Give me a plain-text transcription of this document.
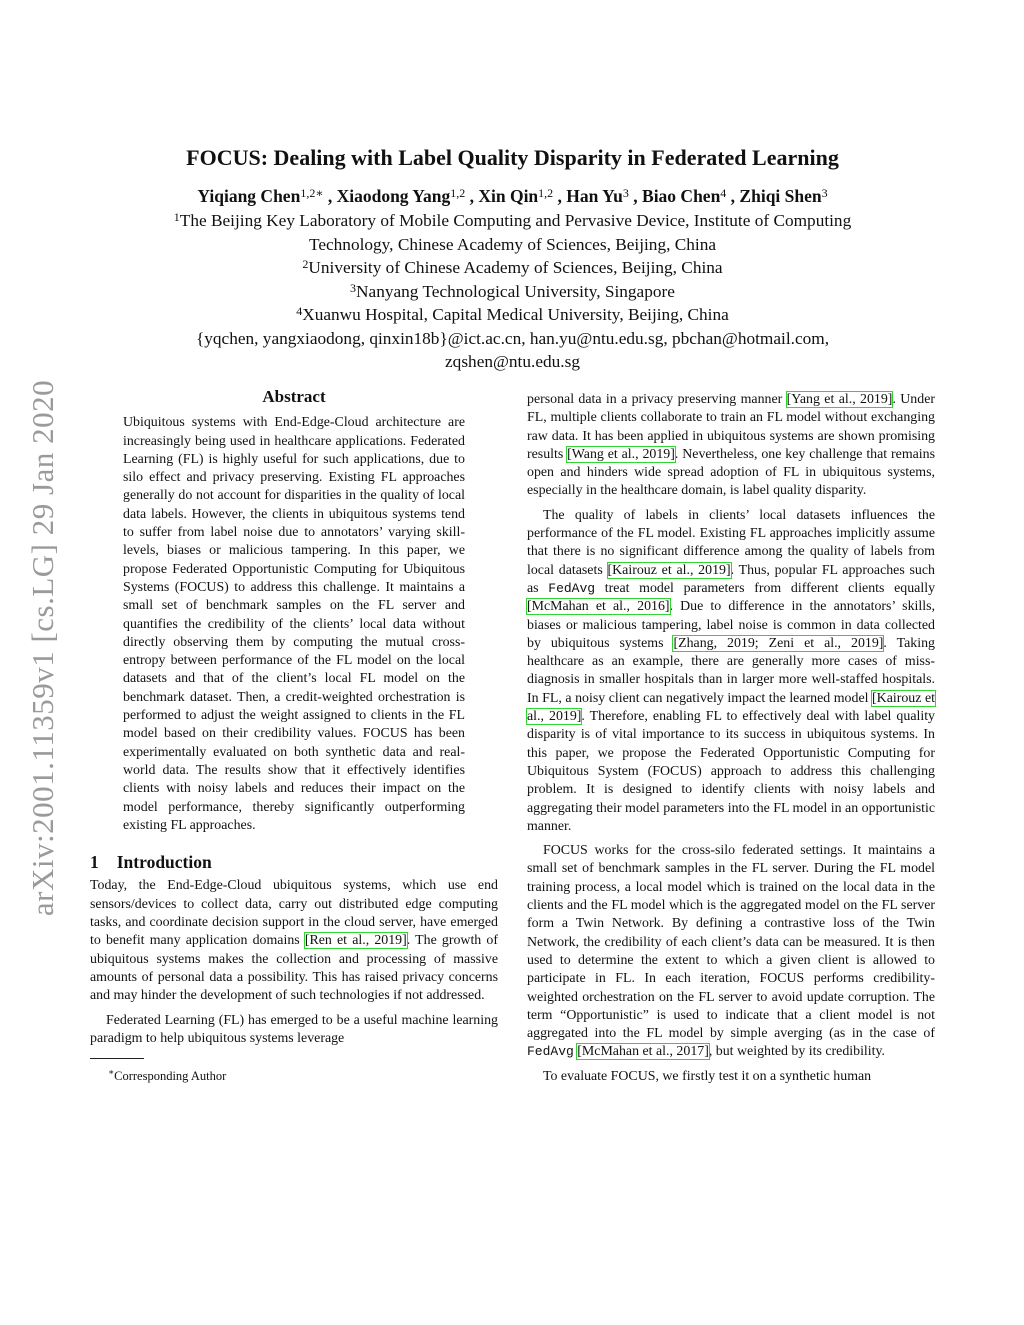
arXiv:2001.11359v1 [cs.LG] 29 Jan 2020
FOCUS: Dealing with Label Quality Disparity in Federated Learning
Yiqiang Chen$^{1,2∗}$ , Xiaodong Yang$^{1,2}$ , Xin Qin$^{1,2}$ , Han Yu$^3$ , Biao Chen$^4$ , Zhiqi Shen$^3$
$^1$The Beijing Key Laboratory of Mobile Computing and Pervasive Device, Institute of Computing
Technology, Chinese Academy of Sciences, Beijing, China
$^2$University of Chinese Academy of Sciences, Beijing, China
$^3$Nanyang Technological University, Singapore
$^4$Xuanwu Hospital, Capital Medical University, Beijing, China
{yqchen, yangxiaodong, qinxin18b}@ict.ac.cn, han.yu@ntu.edu.sg, pbchan@hotmail.com,
zqshen@ntu.edu.sg
Abstract
Ubiquitous systems with End-Edge-Cloud architecture are increasingly being used in healthcare applications. Federated Learning (FL) is highly useful for such applications, due to silo effect and privacy preserving. Existing FL approaches generally do not account for disparities in the quality of local data labels. However, the clients in ubiquitous systems tend to suffer from label noise due to annotators’ varying skill-levels, biases or malicious tampering. In this paper, we propose Federated Opportunistic Computing for Ubiquitous Systems (FOCUS) to address this challenge. It maintains a small set of benchmark samples on the FL server and quantifies the credibility of the clients’ local data without directly observing them by computing the mutual cross-entropy between performance of the FL model on the local datasets and that of the client’s local FL model on the benchmark dataset. Then, a credit-weighted orchestration is performed to adjust the weight assigned to clients in the FL model based on their credibility values. FOCUS has been experimentally evaluated on both synthetic data and real-world data. The results show that it effectively identifies clients with noisy labels and reduces their impact on the model performance, thereby significantly outperforming existing FL approaches.
1 Introduction

Today, the End-Edge-Cloud ubiquitous systems, which use end sensors/devices to collect data, carry out distributed edge computing tasks, and coordinate decision support in the cloud server, have emerged to benefit many application domains [Ren et al., 2019]. The growth of ubiquitous systems makes the collection and processing of massive amounts of personal data a possibility. This has raised privacy concerns and may hinder the development of such technologies if not addressed.

Federated Learning (FL) has emerged to be a useful machine learning paradigm to help ubiquitous systems leverage

∗Corresponding Author

personal data in a privacy preserving manner [Yang et al., 2019]. Under FL, multiple clients collaborate to train an FL model without exchanging raw data. It has been applied in ubiquitous systems are shown promising results [Wang et al., 2019]. Nevertheless, one key challenge that remains open and hinders wide spread adoption of FL in ubiquitous systems, especially in the healthcare domain, is label quality disparity.

The quality of labels in clients’ local datasets influences the performance of the FL model. Existing FL approaches implicitly assume that there is no significant difference among the quality of labels from local datasets [Kairouz et al., 2019]. Thus, popular FL approaches such as FedAvg treat model parameters from different clients equally [McMahan et al., 2016]. Due to difference in the annotators’ skills, biases or malicious tampering, label noise is common in data collected by ubiquitous systems [Zhang, 2019; Zeni et al., 2019]. Taking healthcare as an example, there are generally more cases of miss-diagnosis in smaller hospitals than in larger more well-staffed hospitals. In FL, a noisy client can negatively impact the learned model [Kairouz et al., 2019]. Therefore, enabling FL to effectively deal with label quality disparity is of vital importance to its success in ubiquitous systems. In this paper, we propose the Federated Opportunistic Computing for Ubiquitous System (FOCUS) approach to address this challenging problem. It is designed to identify clients with noisy labels and aggregating their model parameters into the FL model in an opportunistic manner.

FOCUS works for the cross-silo federated settings. It maintains a small set of benchmark samples in the FL server. During the FL model training process, a local model which is trained on the local data in the clients and the FL model which is the aggregated model on the FL server form a Twin Network. By defining a contrastive loss of the Twin Network, the credibility of each client’s data can be measured. It is then used to determine the extent to which a given client is allowed to participate in FL. In each iteration, FOCUS performs credibility-weighted orchestration on the FL server to avoid update corruption. The term “Opportunistic” is used to indicate that a client model is not aggregated into the FL model by simple averging (as in the case of FedAvg [McMahan et al., 2017], but weighted by its credibility.

To evaluate FOCUS, we firstly test it on a synthetic human
